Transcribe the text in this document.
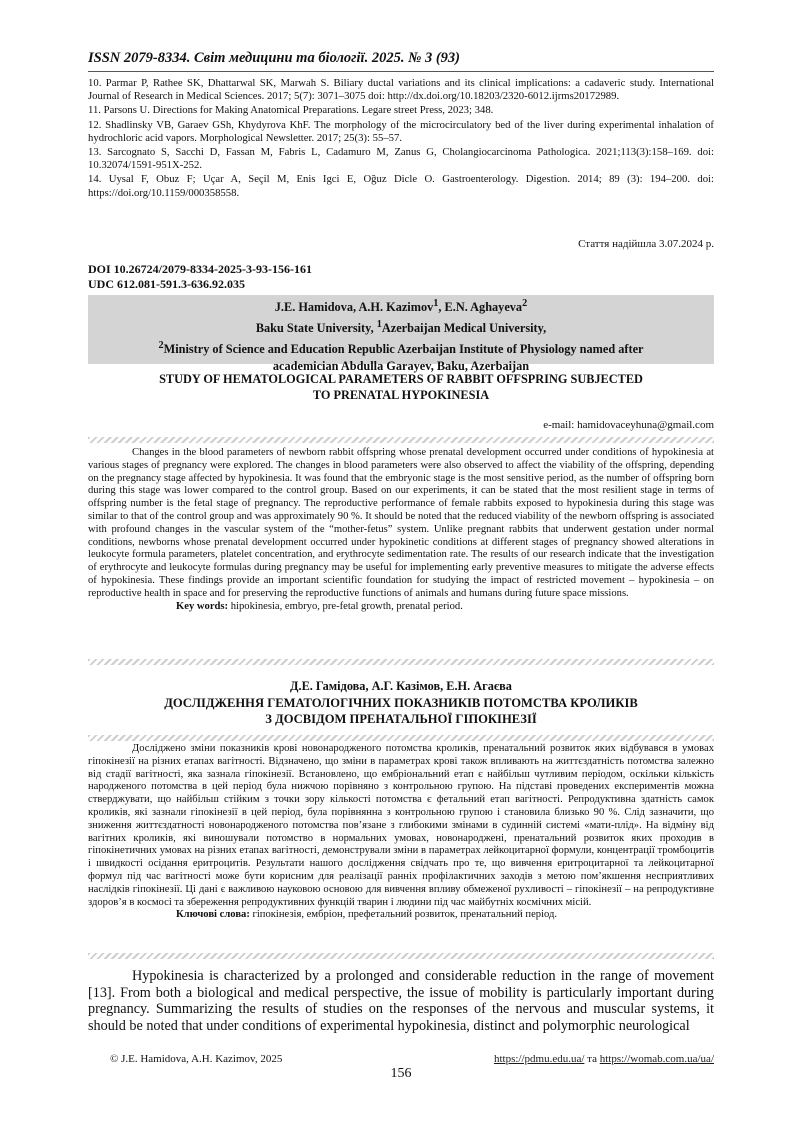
ISSN 2079-8334. Світ медицини та біології. 2025. № 3 (93)

10. Parmar P, Rathee SK, Dhattarwal SK, Marwah S. Biliary ductal variations and its clinical implications: a cadaveric study. International Journal of Research in Medical Sciences. 2017; 5(7): 3071–3075 doi: http://dx.doi.org/10.18203/2320-6012.ijrms20172989.

11. Parsons U. Directions for Making Anatomical Preparations. Legare street Press, 2023; 348.

12. Shadlinsky VB, Garaev GSh, Khydyrova KhF. The morphology of the microcirculatory bed of the liver during experimental inhalation of hydrochloric acid vapors. Morphological Newsletter. 2017; 25(3): 55–57.

13. Sarcognato S, Sacchi D, Fassan M, Fabris L, Cadamuro M, Zanus G, Cholangiocarcinoma Pathologica. 2021;113(3):158–169. doi: 10.32074/1591-951X-252.

14. Uysal F, Obuz F; Uçar A, Seçil M, Enis Igci E, Oğuz Dicle O. Gastroenterology. Digestion. 2014; 89 (3): 194–200. doi: https://doi.org/10.1159/000358558.

Стаття надійшла 3.07.2024 р.
DOI 10.26724/2079-8334-2025-3-93-156-161
UDC 612.081-591.3-636.92.035
J.E. Hamidova, A.H. Kazimov$^1$, E.N. Aghayeva$^2$
Baku State University, $^1$Azerbaijan Medical University,
$^2$Ministry of Science and Education Republic Azerbaijan Institute of Physiology named after
academician Abdulla Garayev, Baku, Azerbaijan
STUDY OF HEMATOLOGICAL PARAMETERS OF RABBIT OFFSPRING SUBJECTED
TO PRENATAL HYPOKINESIA
e-mail: hamidovaceyhuna@gmail.com

Changes in the blood parameters of newborn rabbit offspring whose prenatal development occurred under conditions of hypokinesia at various stages of pregnancy were explored. The changes in blood parameters were also observed to affect the viability of the offspring, depending on the pregnancy stage affected by hypokinesia. It was found that the embryonic stage is the most sensitive period, as the number of offspring born during this stage was lower compared to the control group. Based on our experiments, it can be stated that the most resilient stage in terms of offspring number is the fetal stage of pregnancy. The reproductive performance of female rabbits exposed to hypokinesia during this stage was similar to that of the control group and was approximately 90 %. It should be noted that the reduced viability of the newborn offspring is associated with profound changes in the vascular system of the “mother-fetus” system. Unlike pregnant rabbits that underwent gestation under normal conditions, newborns whose prenatal development occurred under hypokinetic conditions at different stages of pregnancy showed alterations in leukocyte formula parameters, platelet concentration, and erythrocyte sedimentation rate. The results of our research indicate that the investigation of erythrocyte and leukocyte formulas during pregnancy may be useful for implementing early preventive measures to mitigate the adverse effects of hypokinesia. These findings provide an important scientific foundation for studying the impact of restricted movement – hypokinesia – on reproductive health in space and for preserving the reproductive functions of animals and humans during future space missions.

Key words: hipokinesia, embryo, pre-fetal growth, prenatal period.

Д.Е. Гамідова, А.Г. Казімов, Е.Н. Агаєва
ДОСЛІДЖЕННЯ ГЕМАТОЛОГІЧНИХ ПОКАЗНИКІВ ПОТОМСТВА КРОЛИКІВ
З ДОСВІДОМ ПРЕНАТАЛЬНОЇ ГІПОКІНЕЗІЇ

Досліджено зміни показників крові новонародженого потомства кроликів, пренатальний розвиток яких відбувався в умовах гіпокінезії на різних етапах вагітності. Відзначено, що зміни в параметрах крові також впливають на життєздатність потомства залежно від стадії вагітності, яка зазнала гіпокінезії. Встановлено, що ембріональний етап є найбільш чутливим періодом, оскільки кількість народженого потомства в цей період була нижчою порівняно з контрольною групою. На підставі проведених експериментів можна стверджувати, що найбільш стійким з точки зору кількості потомства є фетальний етап вагітності. Репродуктивна здатність самок кроликів, які зазнали гіпокінезії в цей період, була порівнянна з контрольною групою і становила близько 90 %. Слід зазначити, що зниження життєздатності новонародженого потомства пов’язане з глибокими змінами в судинній системі «мати-плід». На відміну від вагітних кроликів, які виношували потомство в нормальних умовах, новонароджені, пренатальний розвиток яких проходив в гіпокінетичних умовах на різних етапах вагітності, демонстрували зміни в параметрах лейкоцитарної формули, концентрації тромбоцитів і швидкості осідання еритроцитів. Результати нашого дослідження свідчать про те, що вивчення еритроцитарної та лейкоцитарної формул під час вагітності може бути корисним для реалізації ранніх профілактичних заходів з метою пом’якшення несприятливих наслідків гіпокінезії. Ці дані є важливою науковою основою для вивчення впливу обмеженої рухливості – гіпокінезії – на репродуктивне здоров’я в космосі та збереження репродуктивних функцій тварин і людини під час майбутніх космічних місій.

Ключові слова: гіпокінезія, ембріон, префетальний розвиток, пренатальний період.

Hypokinesia is characterized by a prolonged and considerable reduction in the range of movement [13]. From both a biological and medical perspective, the issue of mobility is particularly important during pregnancy. Summarizing the results of studies on the responses of the nervous and muscular systems, it should be noted that under conditions of experimental hypokinesia, distinct and polymorphic neurological

© J.E. Hamidova, A.H. Kazimov, 2025	https://pdmu.edu.ua/ та https://womab.com.ua/ua/
156
